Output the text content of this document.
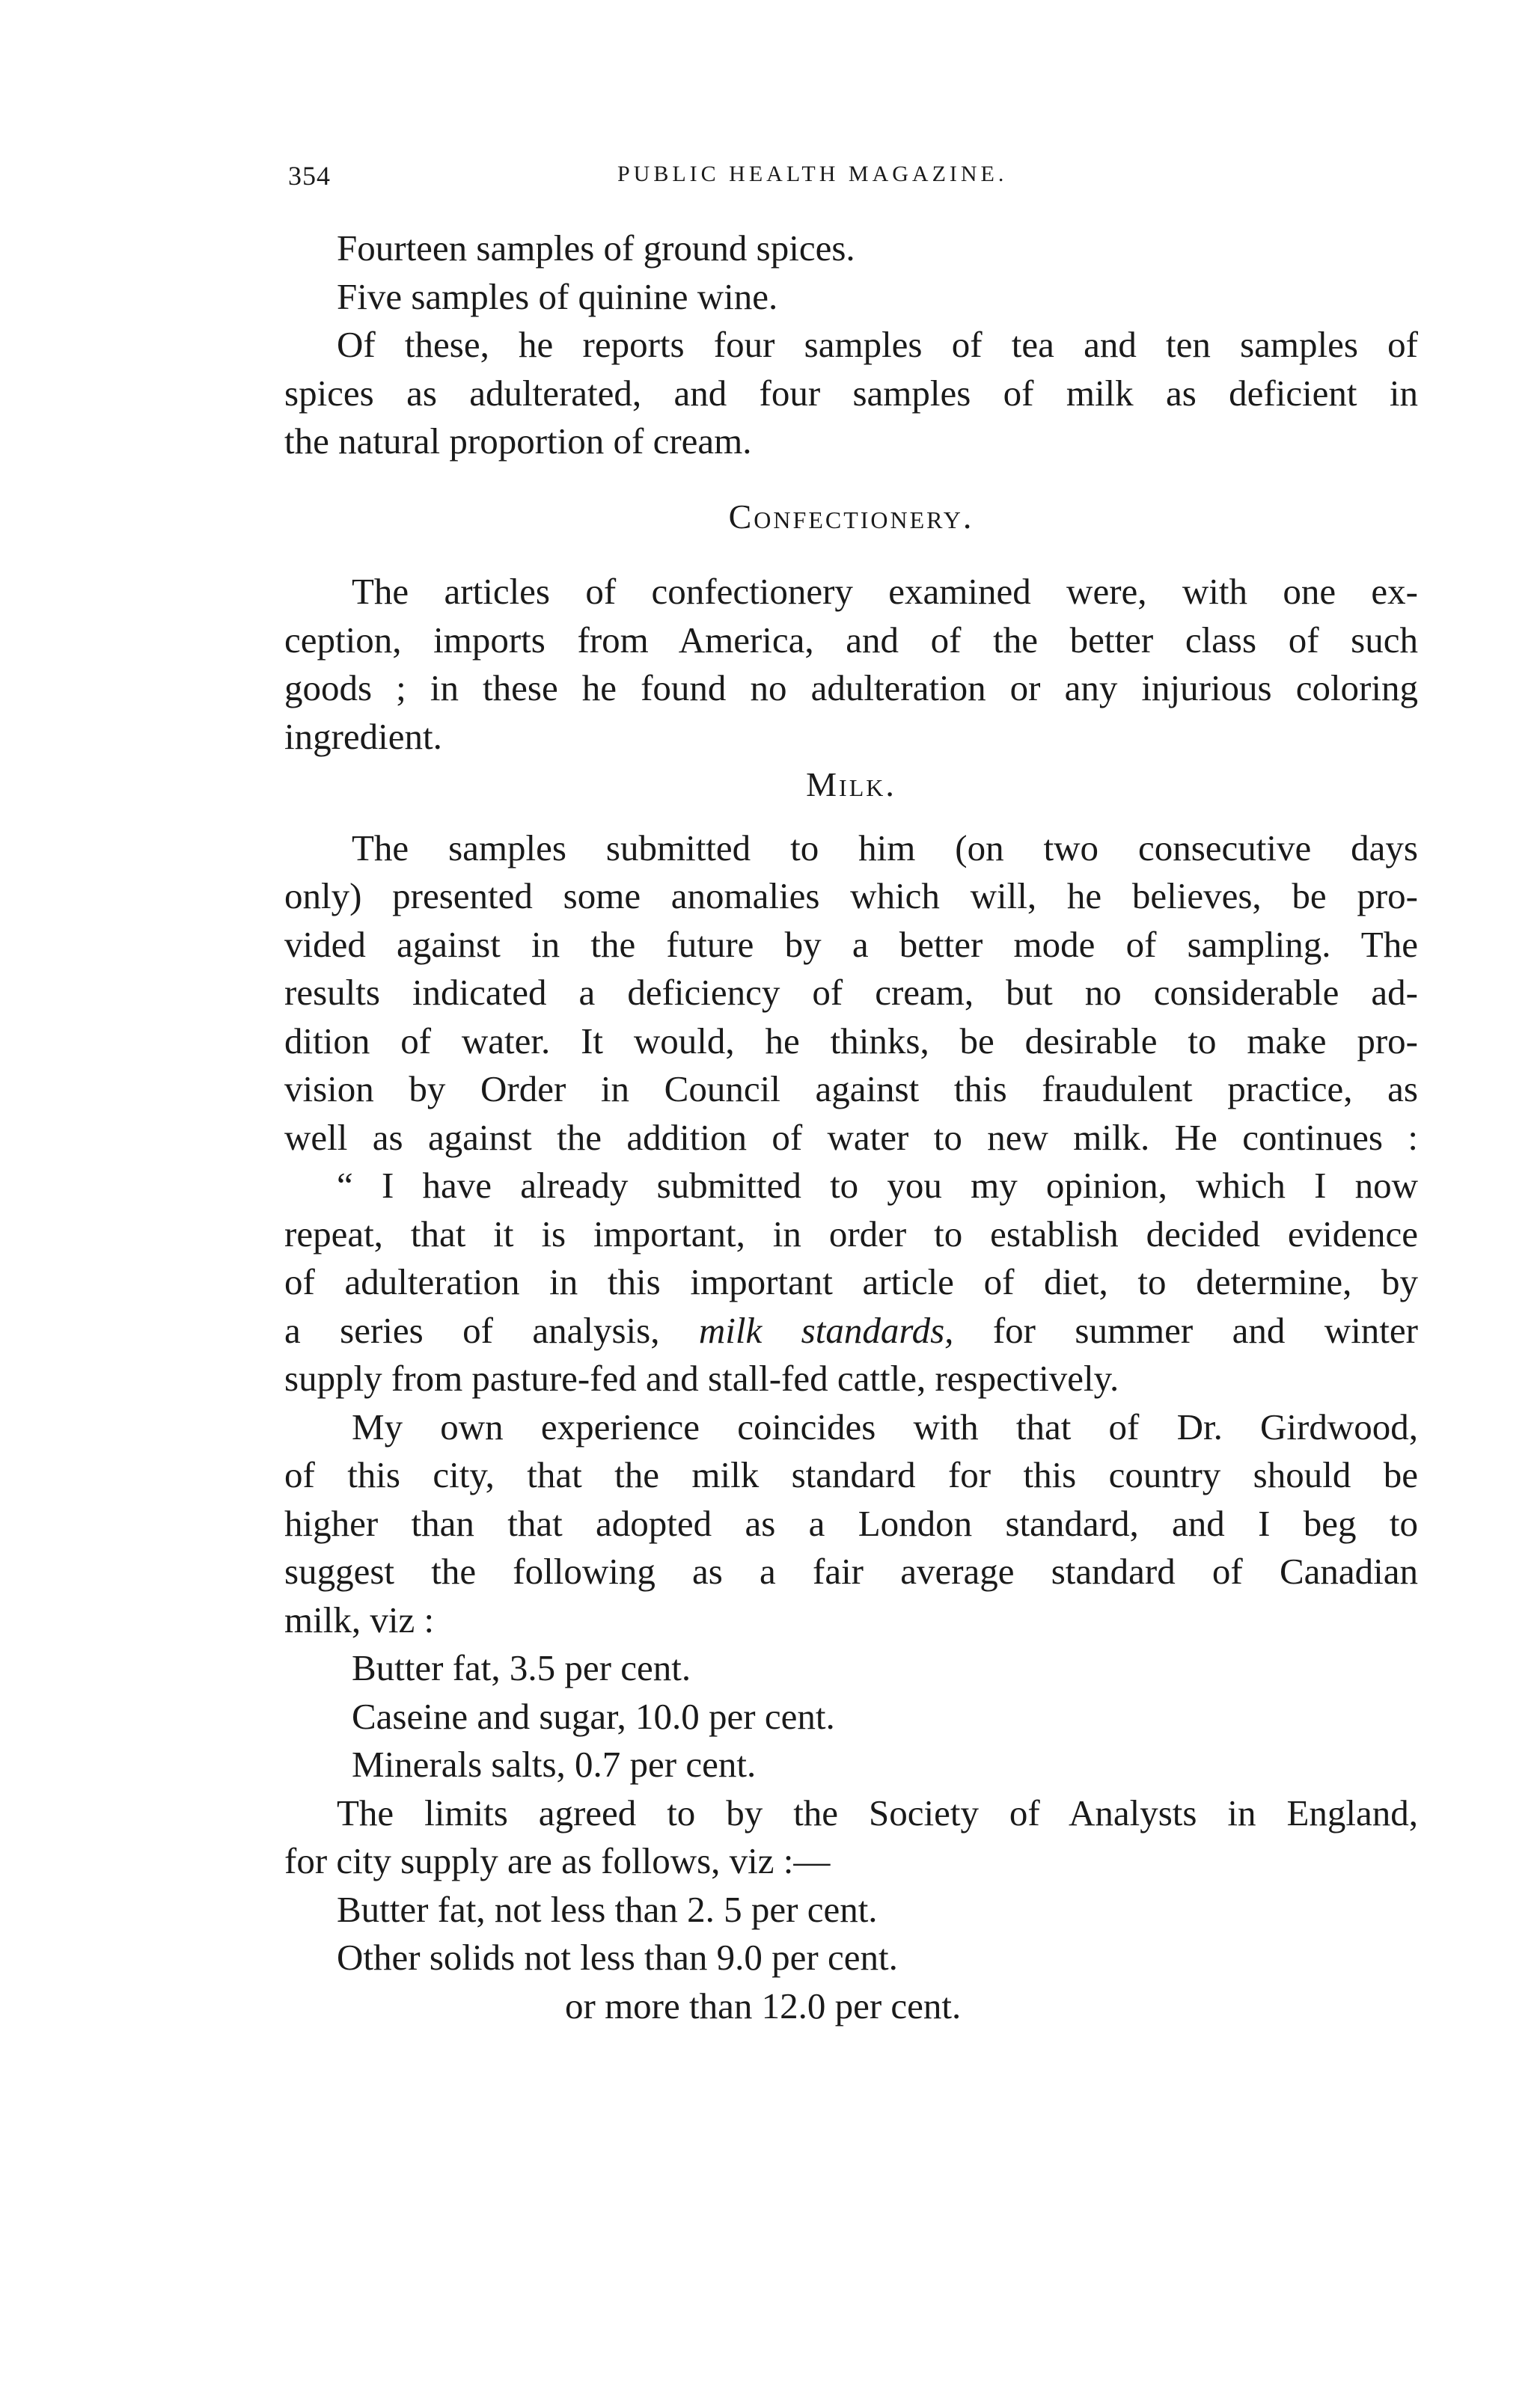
354	PUBLIC HEALTH MAGAZINE.
Fourteen samples of ground spices.
Five samples of quinine wine.
Of these, he reports four samples of tea and ten samples of
spices as adulterated, and four samples of milk as deficient in
the natural proportion of cream.
Confectionery.
The articles of confectionery examined were, with one ex-
ception, imports from America, and of the better class of such
goods ; in these he found no adulteration or any injurious coloring
ingredient.
Milk.
The samples submitted to him (on two consecutive days
only) presented some anomalies which will, he believes, be pro-
vided against in the future by a better mode of sampling. The
results indicated a deficiency of cream, but no considerable ad-
dition of water. It would, he thinks, be desirable to make pro-
vision by Order in Council against this fraudulent practice, as
well as against the addition of water to new milk. He continues :
“ I have already submitted to you my opinion, which I now
repeat, that it is important, in order to establish decided evidence
of adulteration in this important article of diet, to determine, by
a series of analysis, milk standards, for summer and winter
supply from pasture-fed and stall-fed cattle, respectively.
My own experience coincides with that of Dr. Girdwood,
of this city, that the milk standard for this country should be
higher than that adopted as a London standard, and I beg to
suggest the following as a fair average standard of Canadian
milk, viz :
Butter fat, 3.5 per cent.
Caseine and sugar, 10.0 per cent.
Minerals salts, 0.7 per cent.
The limits agreed to by the Society of Analysts in England,
for city supply are as follows, viz :—
Butter fat, not less than 2. 5 per cent.
Other solids not less than 9.0 per cent.
or more than 12.0 per cent.
